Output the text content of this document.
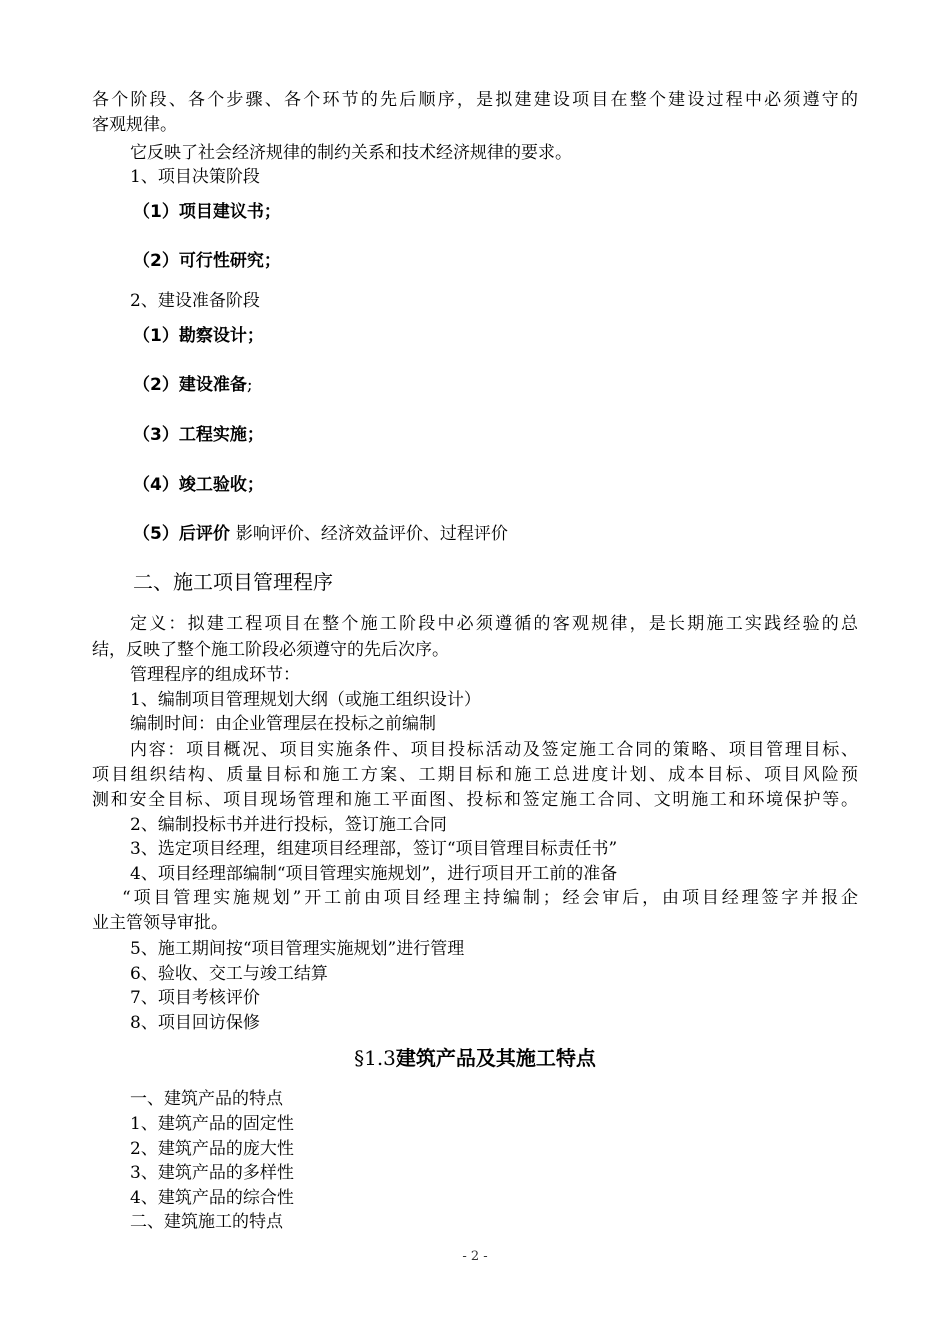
各个阶段、各个步骤、各个环节的先后顺序，是拟建建设项目在整个建设过程中必须遵守的
客观规律。
它反映了社会经济规律的制约关系和技术经济规律的要求。
1、项目决策阶段
（1）项目建议书；
（2）可行性研究；
2、建设准备阶段
（1）勘察设计；
（2）建设准备;
（3）工程实施；
（4）竣工验收；
（5）后评价 影响评价、经济效益评价、过程评价
二、施工项目管理程序
定义：拟建工程项目在整个施工阶段中必须遵循的客观规律，是长期施工实践经验的总
结，反映了整个施工阶段必须遵守的先后次序。
管理程序的组成环节：
1、编制项目管理规划大纲（或施工组织设计）
编制时间：由企业管理层在投标之前编制
内容：项目概况、项目实施条件、项目投标活动及签定施工合同的策略、项目管理目标、
项目组织结构、质量目标和施工方案、工期目标和施工总进度计划、成本目标、项目风险预
测和安全目标、项目现场管理和施工平面图、投标和签定施工合同、文明施工和环境保护等。
2、编制投标书并进行投标，签订施工合同
3、选定项目经理，组建项目经理部，签订“项目管理目标责任书”
4、项目经理部编制“项目管理实施规划”，进行项目开工前的准备
“项目管理实施规划”开工前由项目经理主持编制；经会审后，由项目经理签字并报企
业主管领导审批。
5、施工期间按“项目管理实施规划”进行管理
6、验收、交工与竣工结算
7、项目考核评价
8、项目回访保修
§1.3建筑产品及其施工特点
一、建筑产品的特点
1、建筑产品的固定性
2、建筑产品的庞大性
3、建筑产品的多样性
4、建筑产品的综合性
二、建筑施工的特点
- 2 -
